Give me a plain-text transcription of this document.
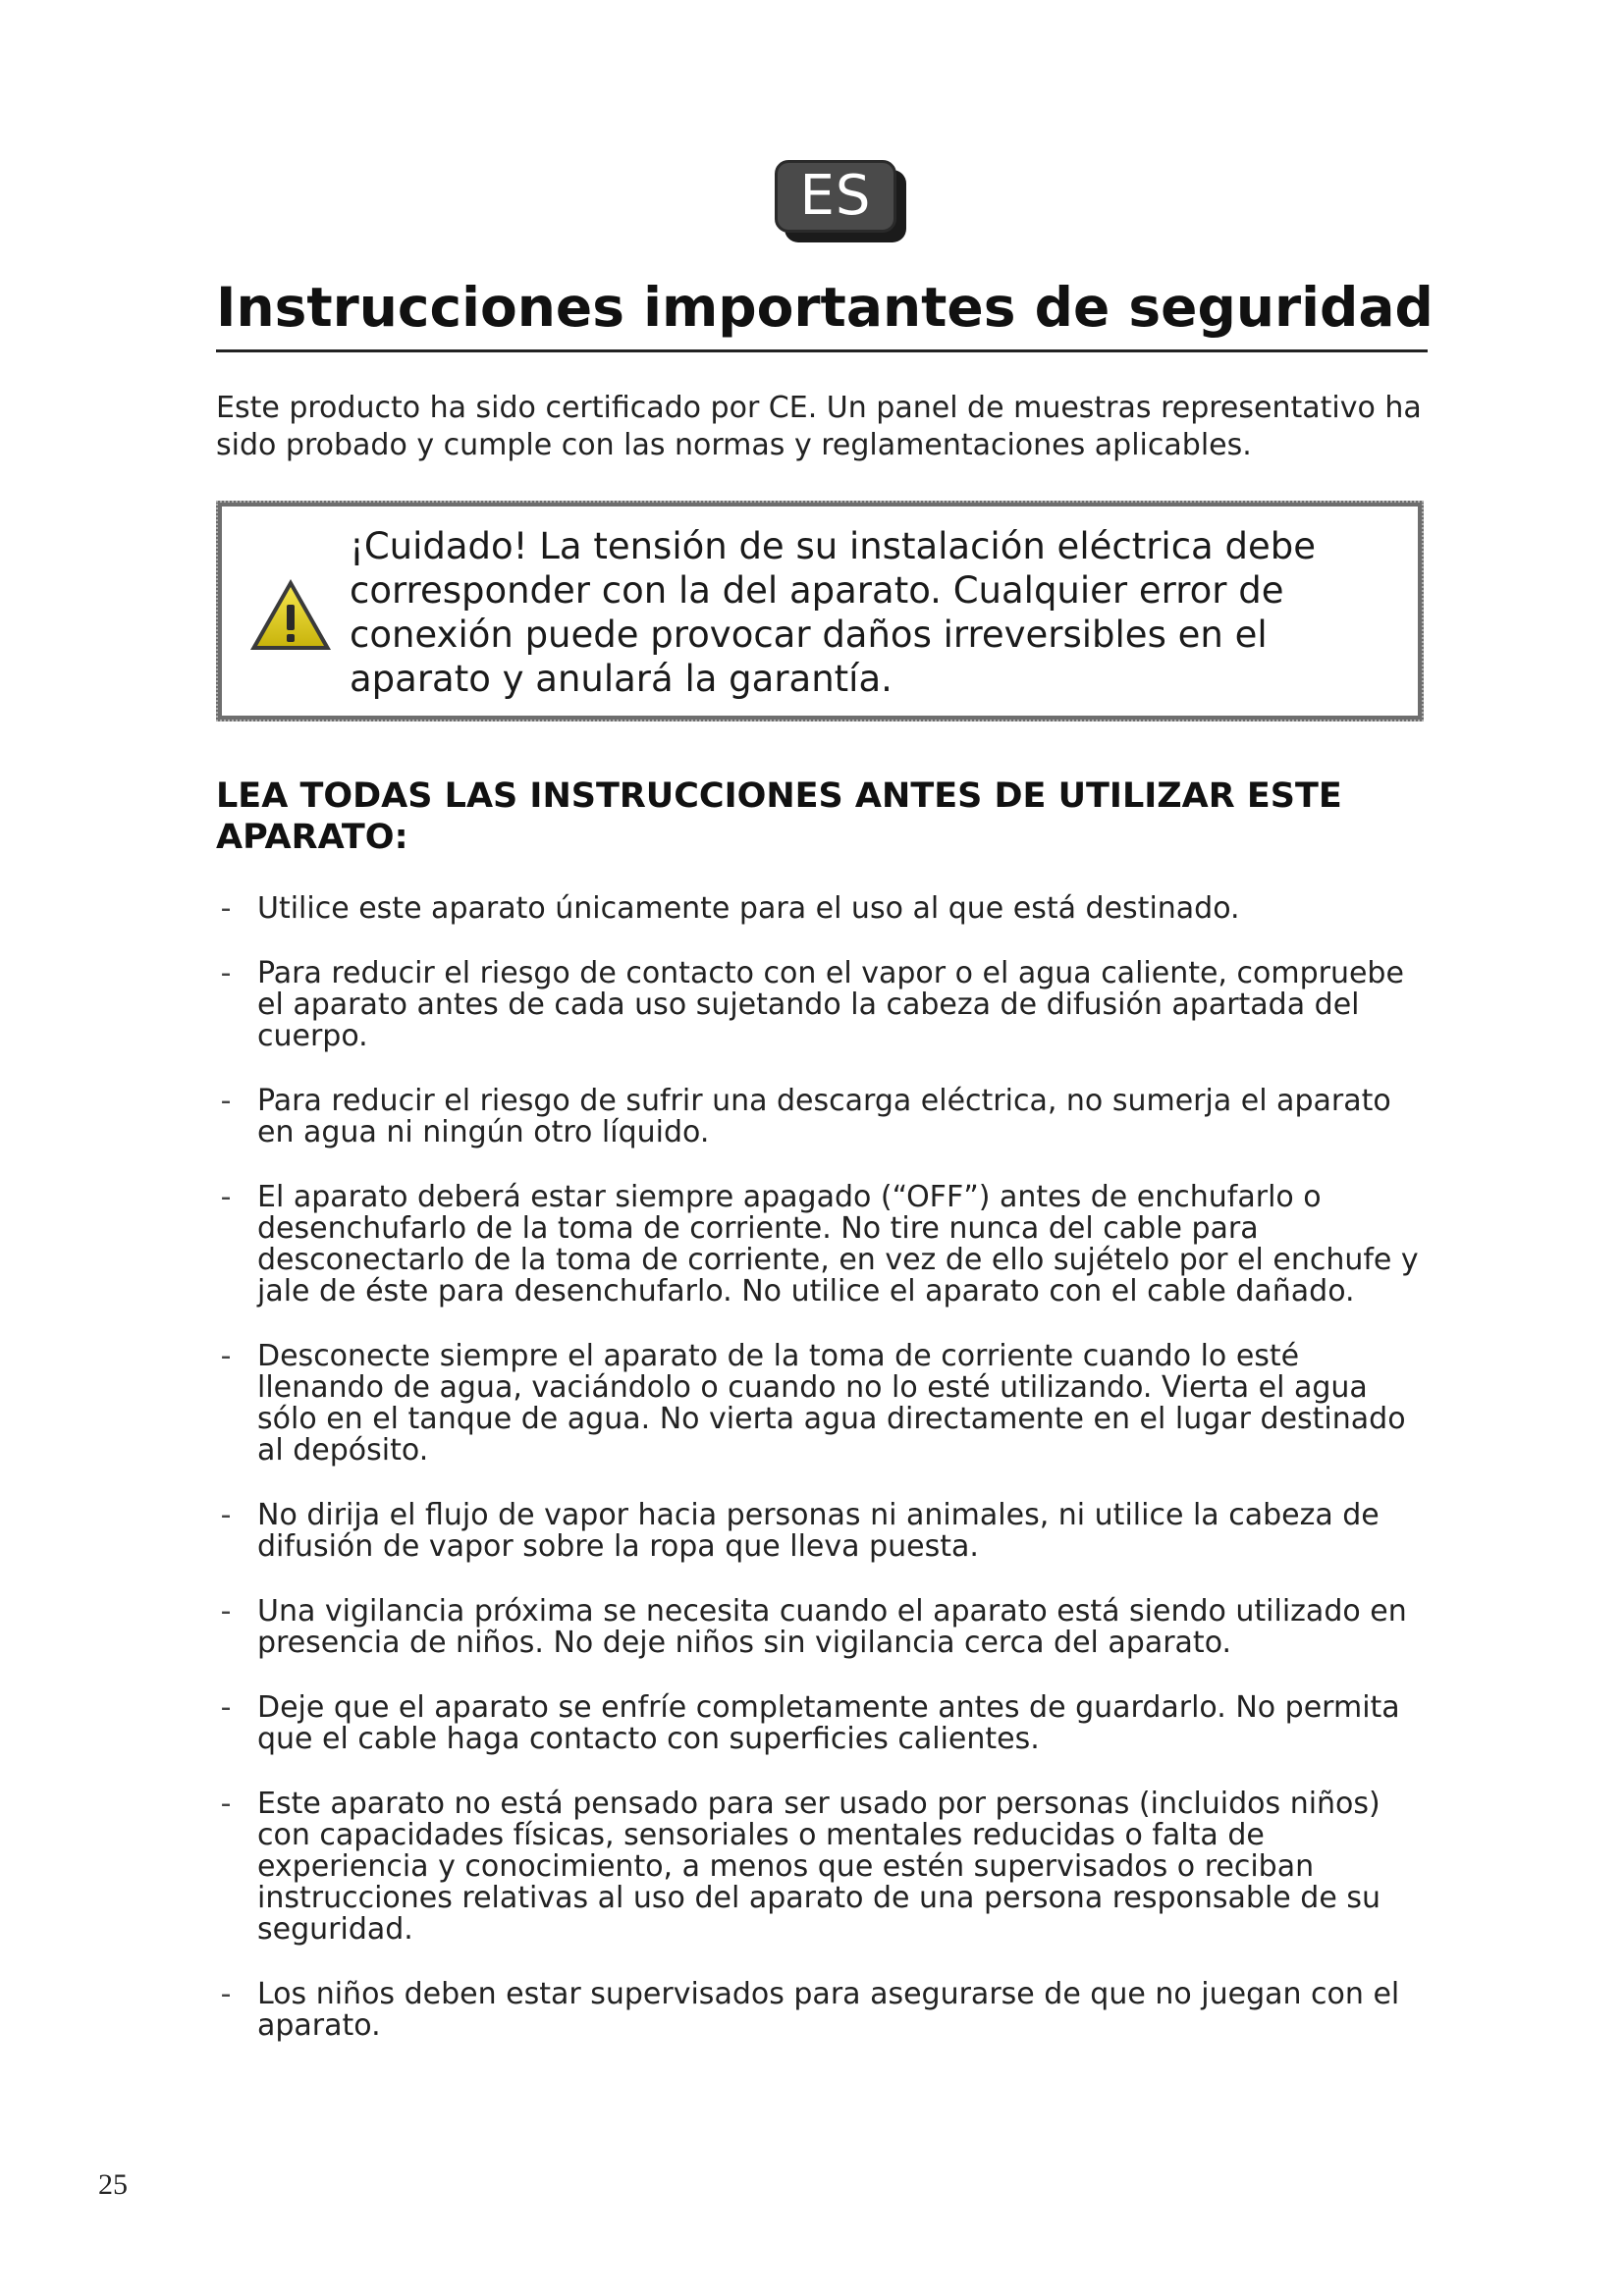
ES
Instrucciones importantes de seguridad

Este producto ha sido certificado por CE. Un panel de muestras representativo ha sido probado y cumple con las normas y reglamentaciones aplicables.

¡Cuidado! La tensión de su instalación eléctrica debe corresponder con la del aparato. Cualquier error de conexión puede provocar daños irreversibles en el aparato y anulará la garantía.

LEA TODAS LAS INSTRUCCIONES ANTES DE UTILIZAR ESTE APARATO:
- Utilice este aparato únicamente para el uso al que está destinado.
- Para reducir el riesgo de contacto con el vapor o el agua caliente, compruebe el aparato antes de cada uso sujetando la cabeza de difusión apartada del cuerpo.
- Para reducir el riesgo de sufrir una descarga eléctrica, no sumerja el aparato en agua ni ningún otro líquido.
- El aparato deberá estar siempre apagado (“OFF”) antes de enchufarlo o desenchufarlo de la toma de corriente. No tire nunca del cable para desconectarlo de la toma de corriente, en vez de ello sujételo por el enchufe y jale de éste para desenchufarlo. No utilice el aparato con el cable dañado.
- Desconecte siempre el aparato de la toma de corriente cuando lo esté llenando de agua, vaciándolo o cuando no lo esté utilizando. Vierta el agua sólo en el tanque de agua. No vierta agua directamente en el lugar destinado al depósito.
- No dirija el flujo de vapor hacia personas ni animales, ni utilice la cabeza de difusión de vapor sobre la ropa que lleva puesta.
- Una vigilancia próxima se necesita cuando el aparato está siendo utilizado en presencia de niños. No deje niños sin vigilancia cerca del aparato.
- Deje que el aparato se enfríe completamente antes de guardarlo. No permita que el cable haga contacto con superficies calientes.
- Este aparato no está pensado para ser usado por personas (incluidos niños) con capacidades físicas, sensoriales o mentales reducidas o falta de experiencia y conocimiento, a menos que estén supervisados o reciban instrucciones relativas al uso del aparato de una persona responsable de su seguridad.
- Los niños deben estar supervisados para asegurarse de que no juegan con el aparato.
25
